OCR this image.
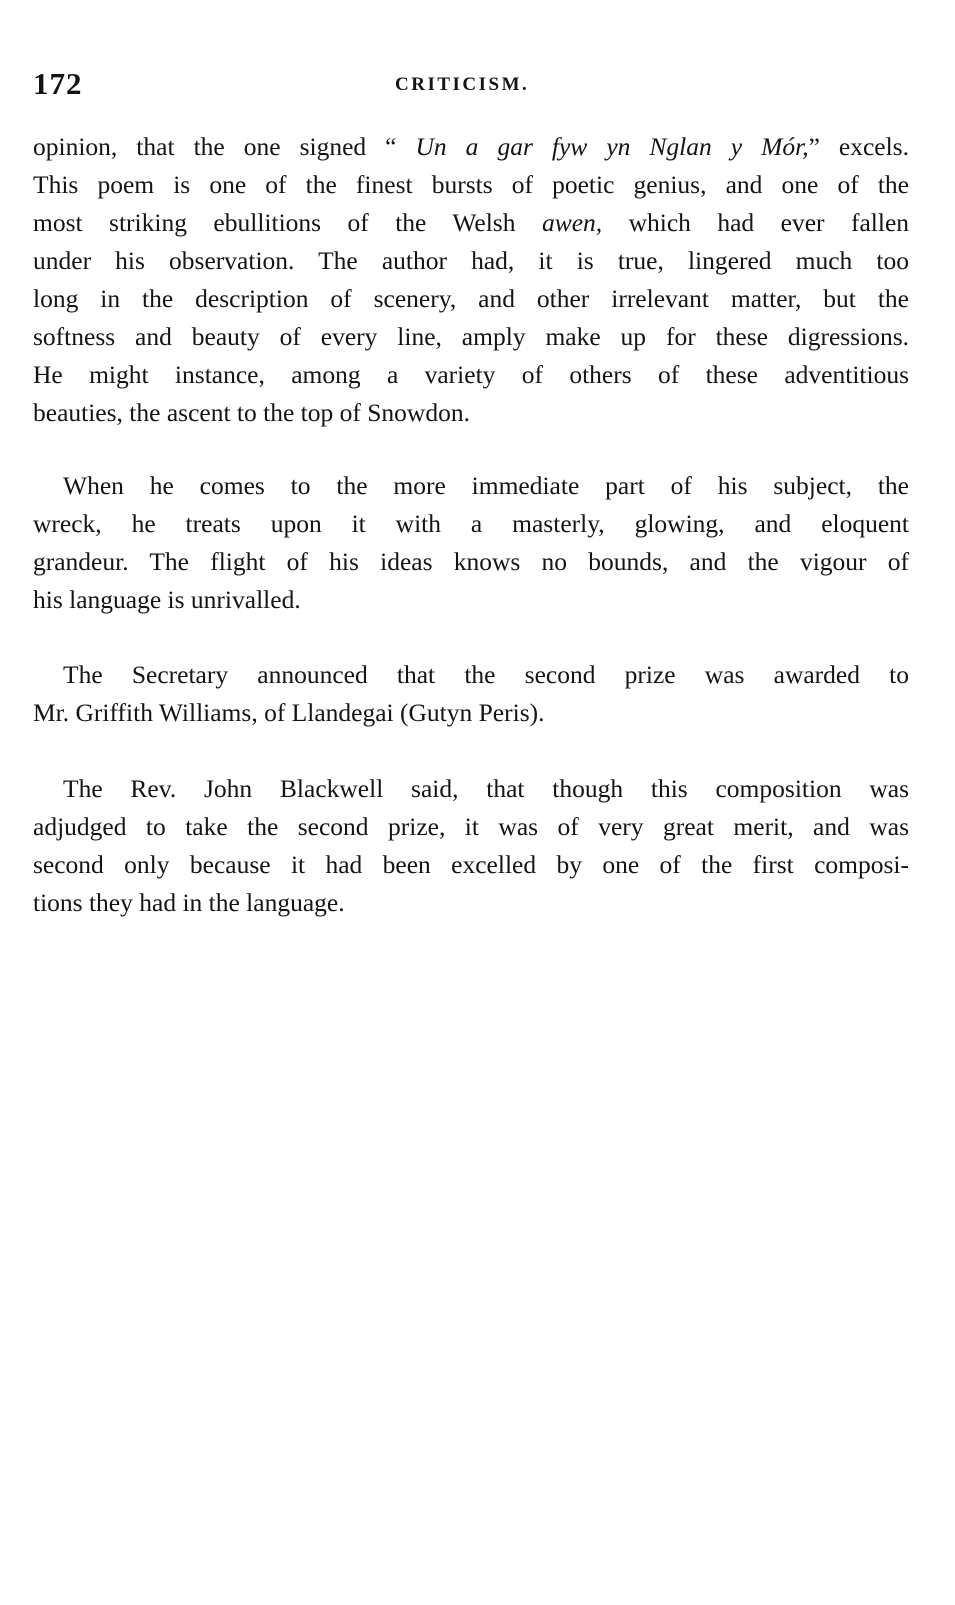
172	CRITICISM.
opinion, that the one signed “ Un a gar fyw yn Nglan y Mór,” excels.
This poem is one of the finest bursts of poetic genius, and one of the
most striking ebullitions of the Welsh awen, which had ever fallen
under his observation. The author had, it is true, lingered much too
long in the description of scenery, and other irrelevant matter, but the
softness and beauty of every line, amply make up for these digressions.
He might instance, among a variety of others of these adventitious
beauties, the ascent to the top of Snowdon.
When he comes to the more immediate part of his subject, the
wreck, he treats upon it with a masterly, glowing, and eloquent
grandeur. The flight of his ideas knows no bounds, and the vigour of
his language is unrivalled.
The Secretary announced that the second prize was awarded to
Mr. Griffith Williams, of Llandegai (Gutyn Peris).
The Rev. John Blackwell said, that though this composition was
adjudged to take the second prize, it was of very great merit, and was
second only because it had been excelled by one of the first composi-
tions they had in the language.
